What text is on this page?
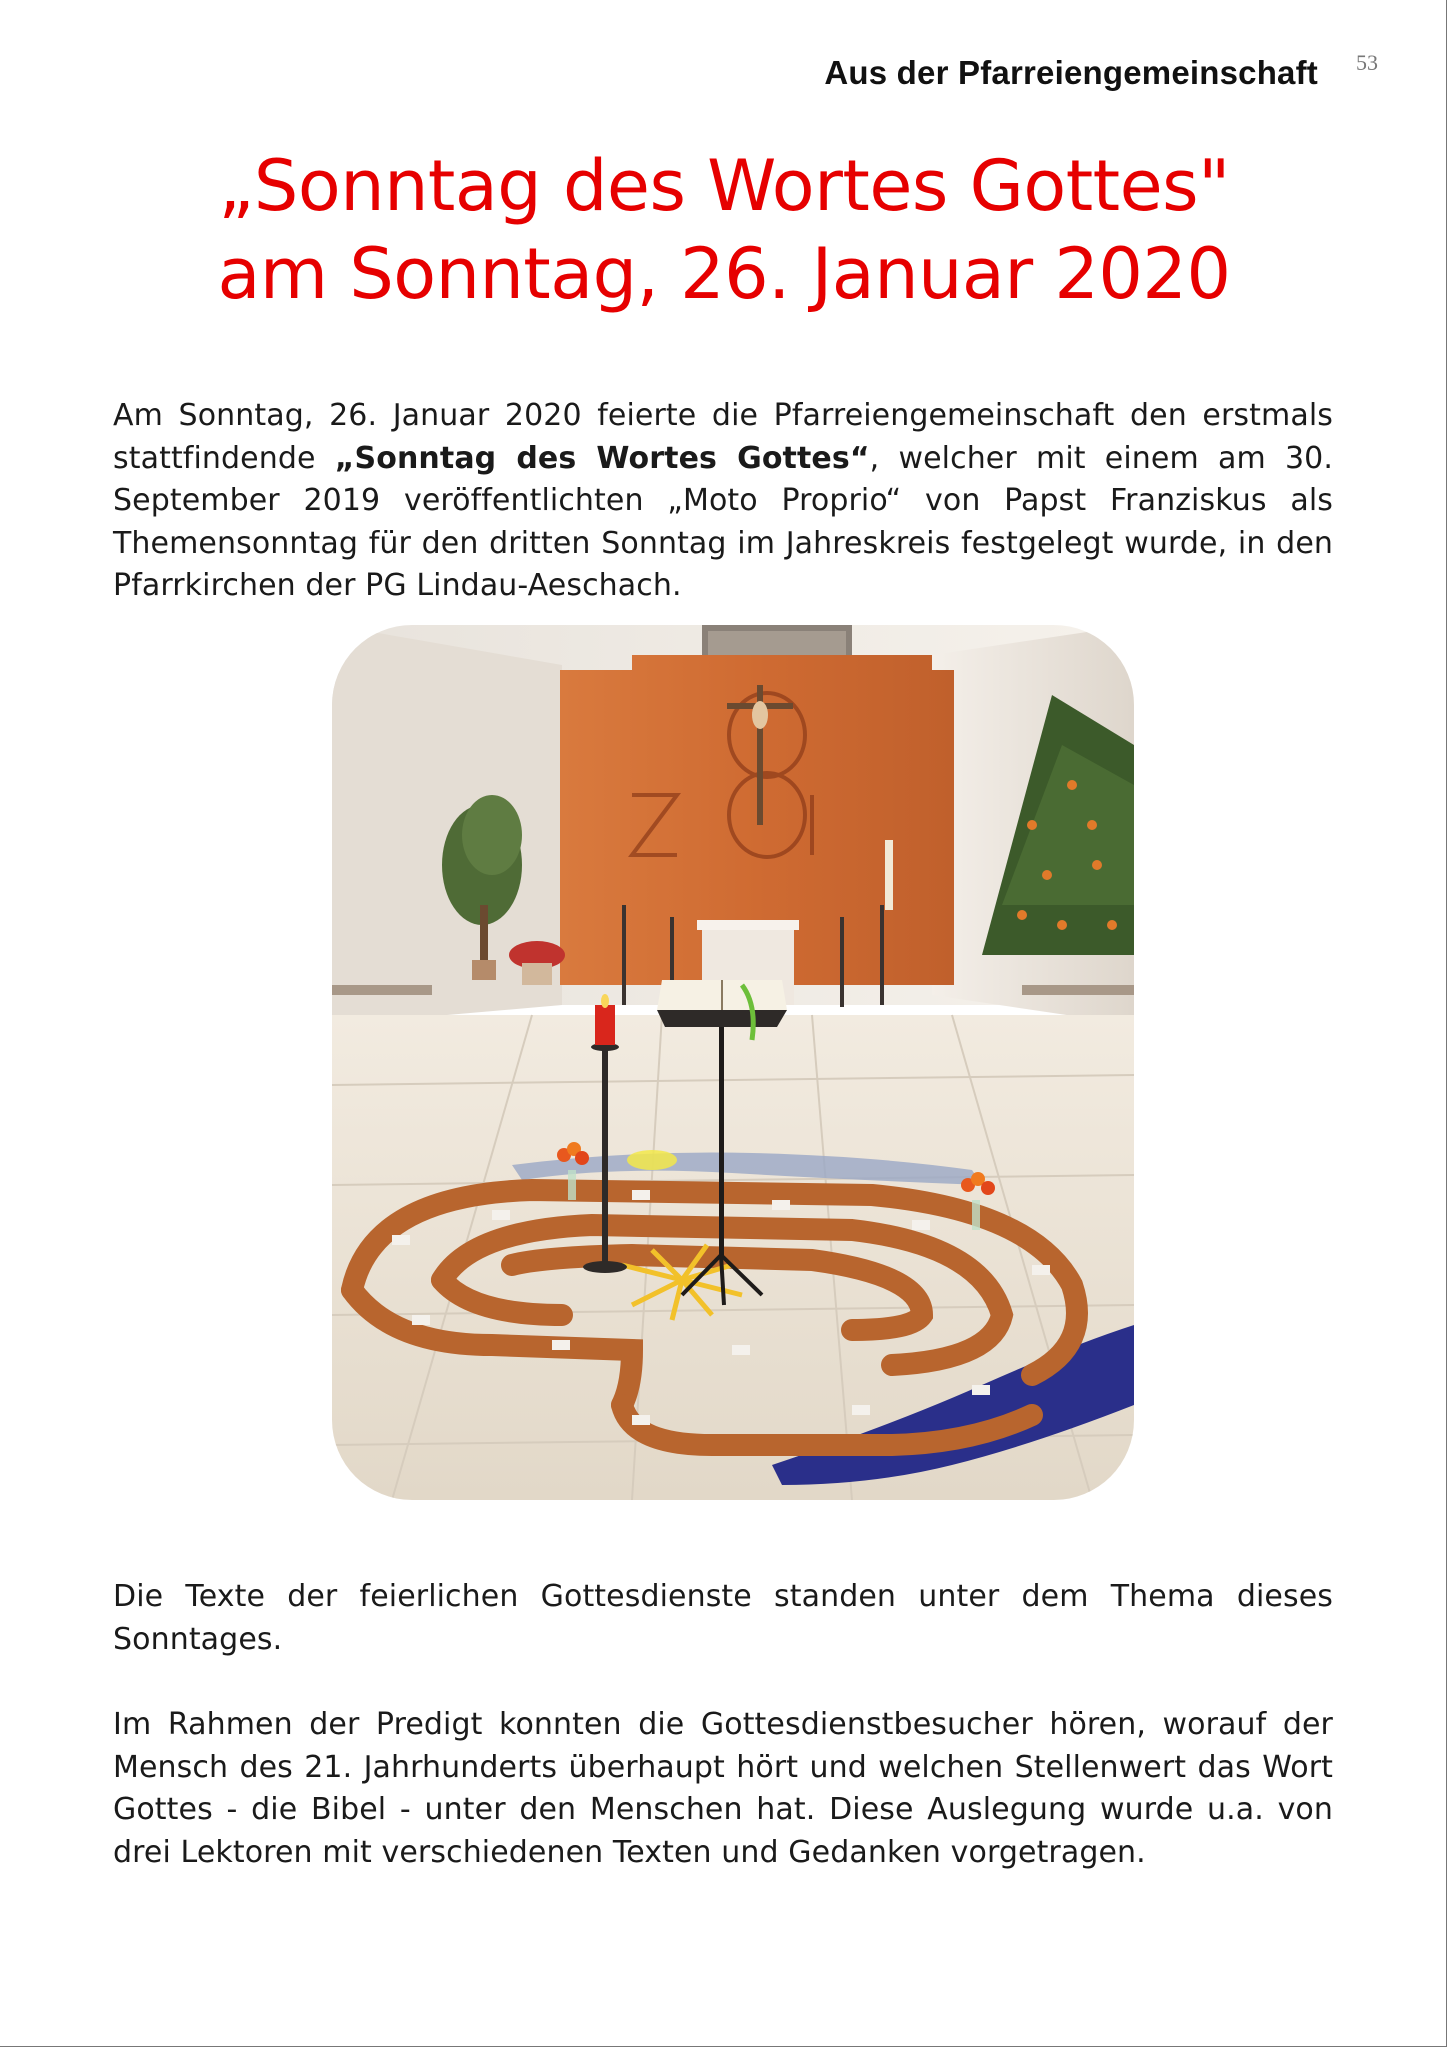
Aus der Pfarreiengemeinschaft 53
„Sonntag des Wortes Gottes"
am Sonntag, 26. Januar 2020
Am Sonntag, 26. Januar 2020 feierte die Pfarreiengemeinschaft den erstmals stattfindende „Sonntag des Wortes Gottes“, welcher mit einem am 30. September 2019 veröffentlichten „Moto Proprio“ von Papst Franziskus als Themensonntag für den dritten Sonntag im Jahreskreis festgelegt wurde, in den Pfarrkirchen der PG Lindau-Aeschach.
Die Texte der feierlichen Gottesdienste standen unter dem Thema dieses Sonntages.
Im Rahmen der Predigt konnten die Gottesdienstbesucher hören, worauf der Mensch des 21. Jahrhunderts überhaupt hört und welchen Stellenwert das Wort Gottes - die Bibel - unter den Menschen hat. Diese Auslegung wurde u.a. von drei Lektoren mit verschiedenen Texten und Gedanken vorgetragen.
